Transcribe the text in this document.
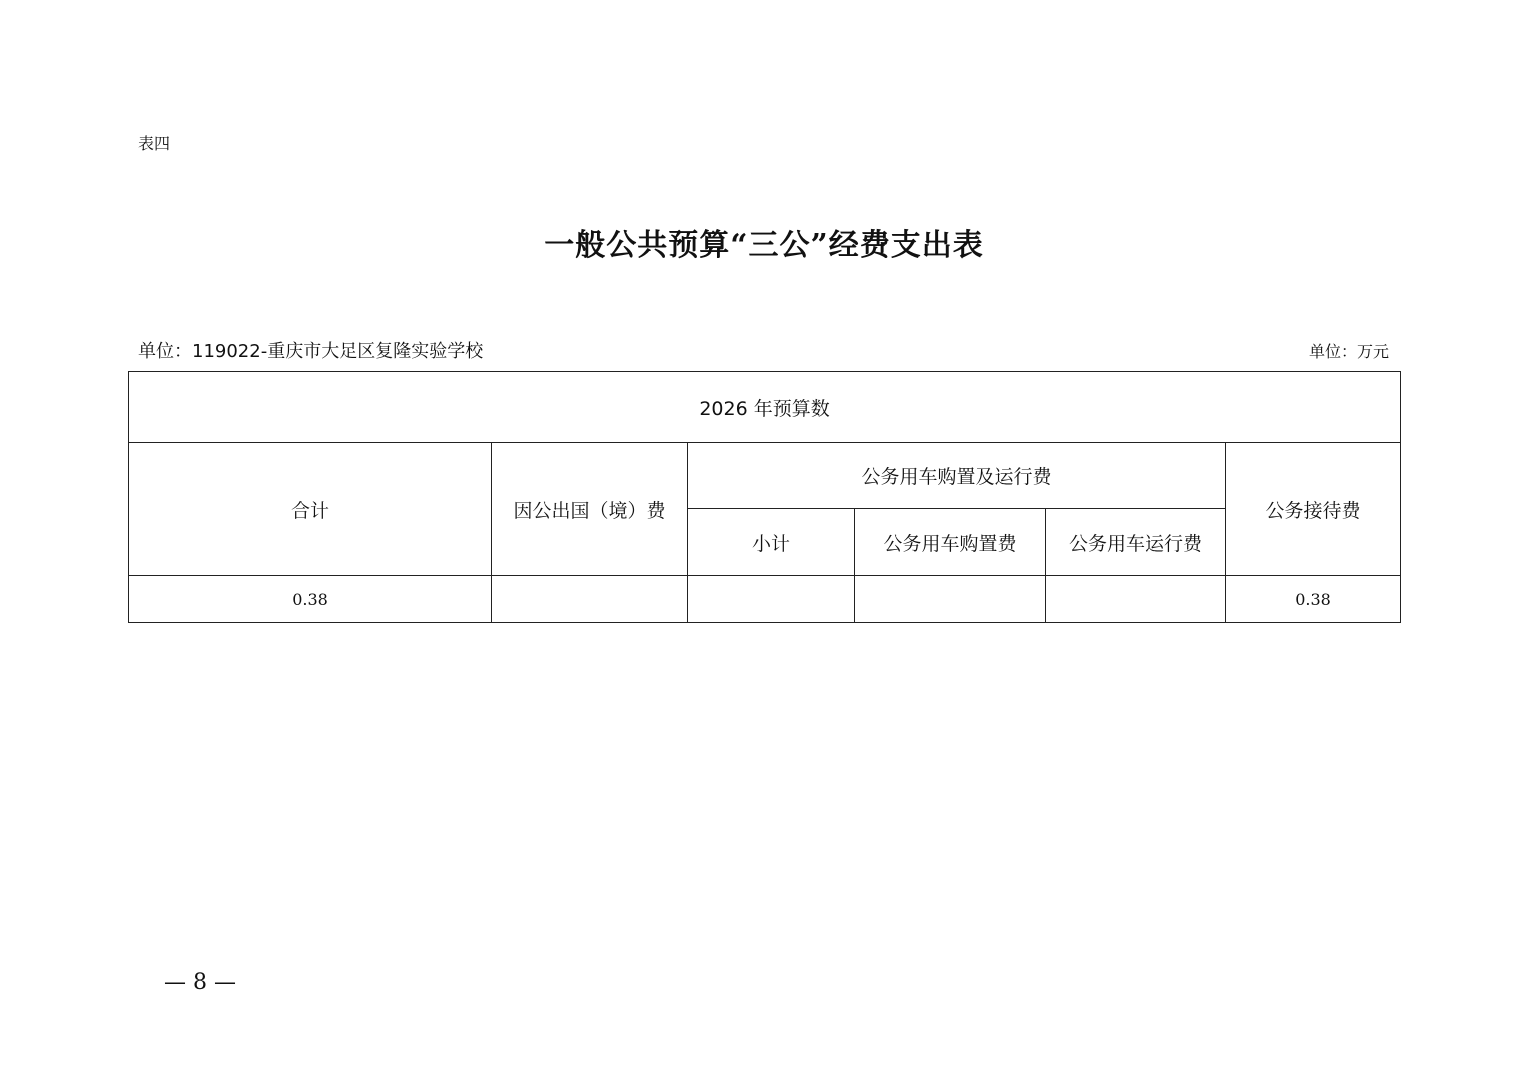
表四
一般公共预算“三公”经费支出表
单位：119022-重庆市大足区复隆实验学校	单位：万元
2026 年预算数					
合计	因公出国（境）费	公务用车购置及运行费			公务接待费
		小计	公务用车购置费	公务用车运行费	
0.38					0.38
— 8 —
